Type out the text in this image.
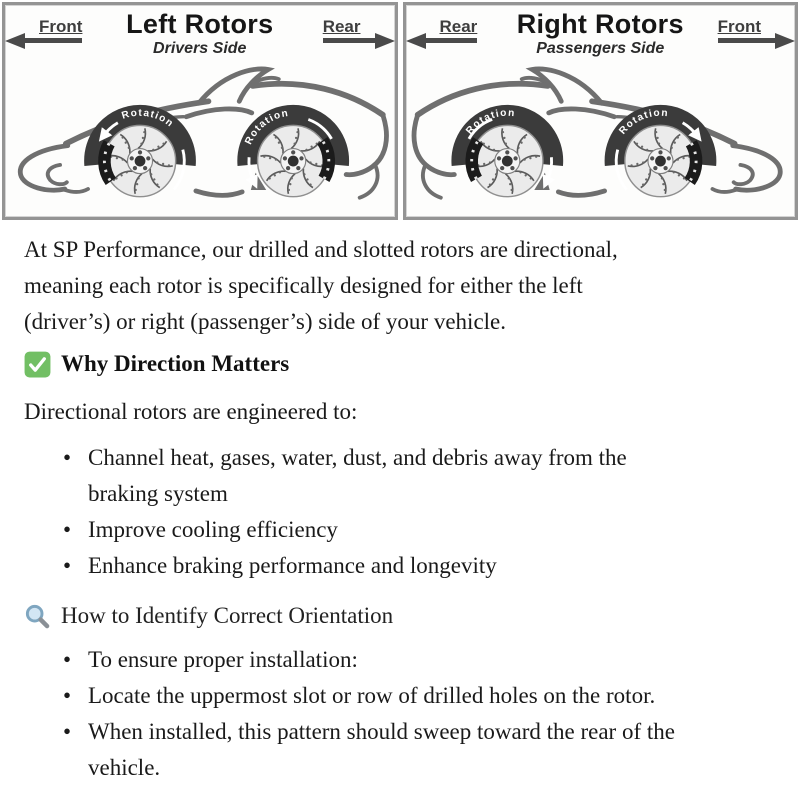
Front	Left Rotors
Drivers Side
Rear
Rotation
Rotation
Rear	Right Rotors
Passengers Side
Front
Rotation
Rotation

At SP Performance, our drilled and slotted rotors are directional,
meaning each rotor is specifically designed for either the left
(driver’s) or right (passenger’s) side of your vehicle.

Why Direction Matters

Directional rotors are engineered to:

• Channel heat, gases, water, dust, and debris away from the
braking system
• Improve cooling efficiency
• Enhance braking performance and longevity
How to Identify Correct Orientation
• To ensure proper installation:
• Locate the uppermost slot or row of drilled holes on the rotor.
• When installed, this pattern should sweep toward the rear of the
vehicle.
